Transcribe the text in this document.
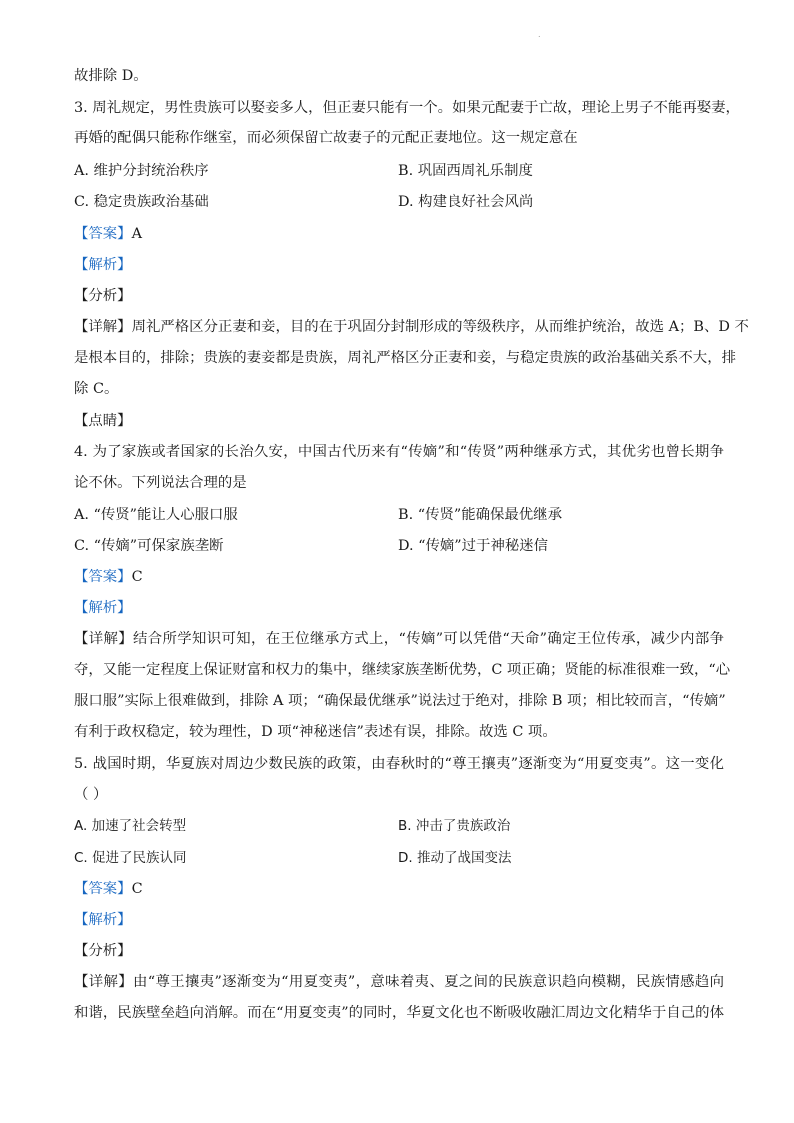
.
故排除 D。
3. 周礼规定，男性贵族可以娶妾多人，但正妻只能有一个。如果元配妻于亡故，理论上男子不能再娶妻，
再婚的配偶只能称作继室，而必须保留亡故妻子的元配正妻地位。这一规定意在
A. 维护分封统治秩序	B. 巩固西周礼乐制度
C. 稳定贵族政治基础	D. 构建良好社会风尚
【答案】A
【解析】
【分析】
【详解】周礼严格区分正妻和妾，目的在于巩固分封制形成的等级秩序，从而维护统治，故选 A；B、D 不
是根本目的，排除；贵族的妻妾都是贵族，周礼严格区分正妻和妾，与稳定贵族的政治基础关系不大，排
除 C。
【点睛】
4. 为了家族或者国家的长治久安，中国古代历来有“传嫡”和“传贤”两种继承方式，其优劣也曾长期争
论不休。下列说法合理的是
A. “传贤”能让人心服口服	B. “传贤”能确保最优继承
C. “传嫡”可保家族垄断	D. “传嫡”过于神秘迷信
【答案】C
【解析】
【详解】结合所学知识可知，在王位继承方式上，“传嫡”可以凭借“天命”确定王位传承，减少内部争
夺，又能一定程度上保证财富和权力的集中，继续家族垄断优势，C 项正确；贤能的标准很难一致，“心
服口服”实际上很难做到，排除 A 项；“确保最优继承”说法过于绝对，排除 B 项；相比较而言，“传嫡”
有利于政权稳定，较为理性，D 项“神秘迷信”表述有误，排除。故选 C 项。
5. 战国时期，华夏族对周边少数民族的政策，由春秋时的“尊王攘夷”逐渐变为“用夏变夷”。这一变化
（ ）
A. 加速了社会转型	B. 冲击了贵族政治
C. 促进了民族认同	D. 推动了战国变法
【答案】C
【解析】
【分析】
【详解】由“尊王攘夷”逐渐变为“用夏变夷”，意味着夷、夏之间的民族意识趋向模糊，民族情感趋向
和谐，民族壁垒趋向消解。而在“用夏变夷”的同时，华夏文化也不断吸收融汇周边文化精华于自己的体
